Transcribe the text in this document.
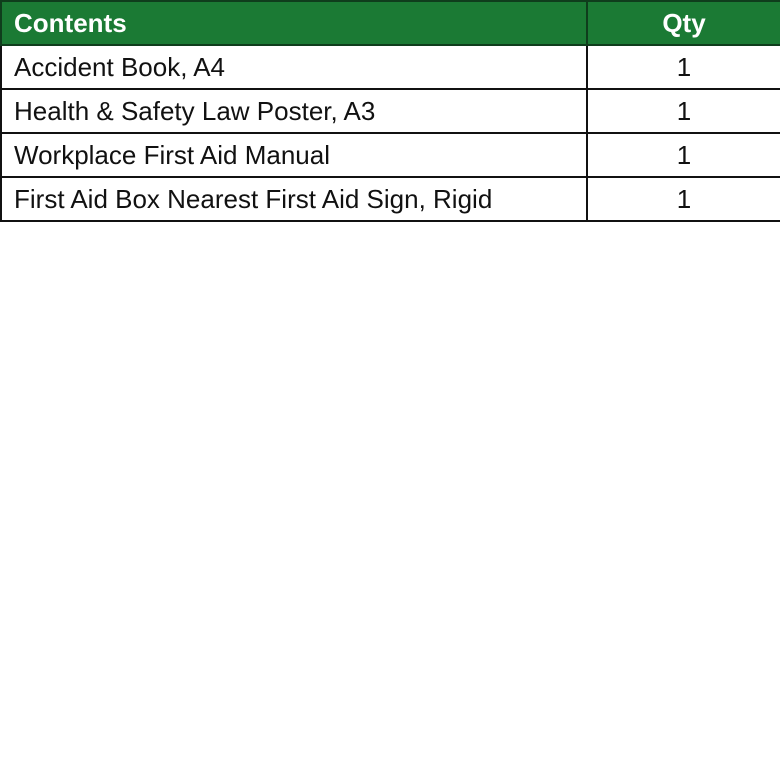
Contents	Qty
Accident Book, A4	1
Health & Safety Law Poster, A3	1
Workplace First Aid Manual	1
First Aid Box Nearest First Aid Sign, Rigid	1
